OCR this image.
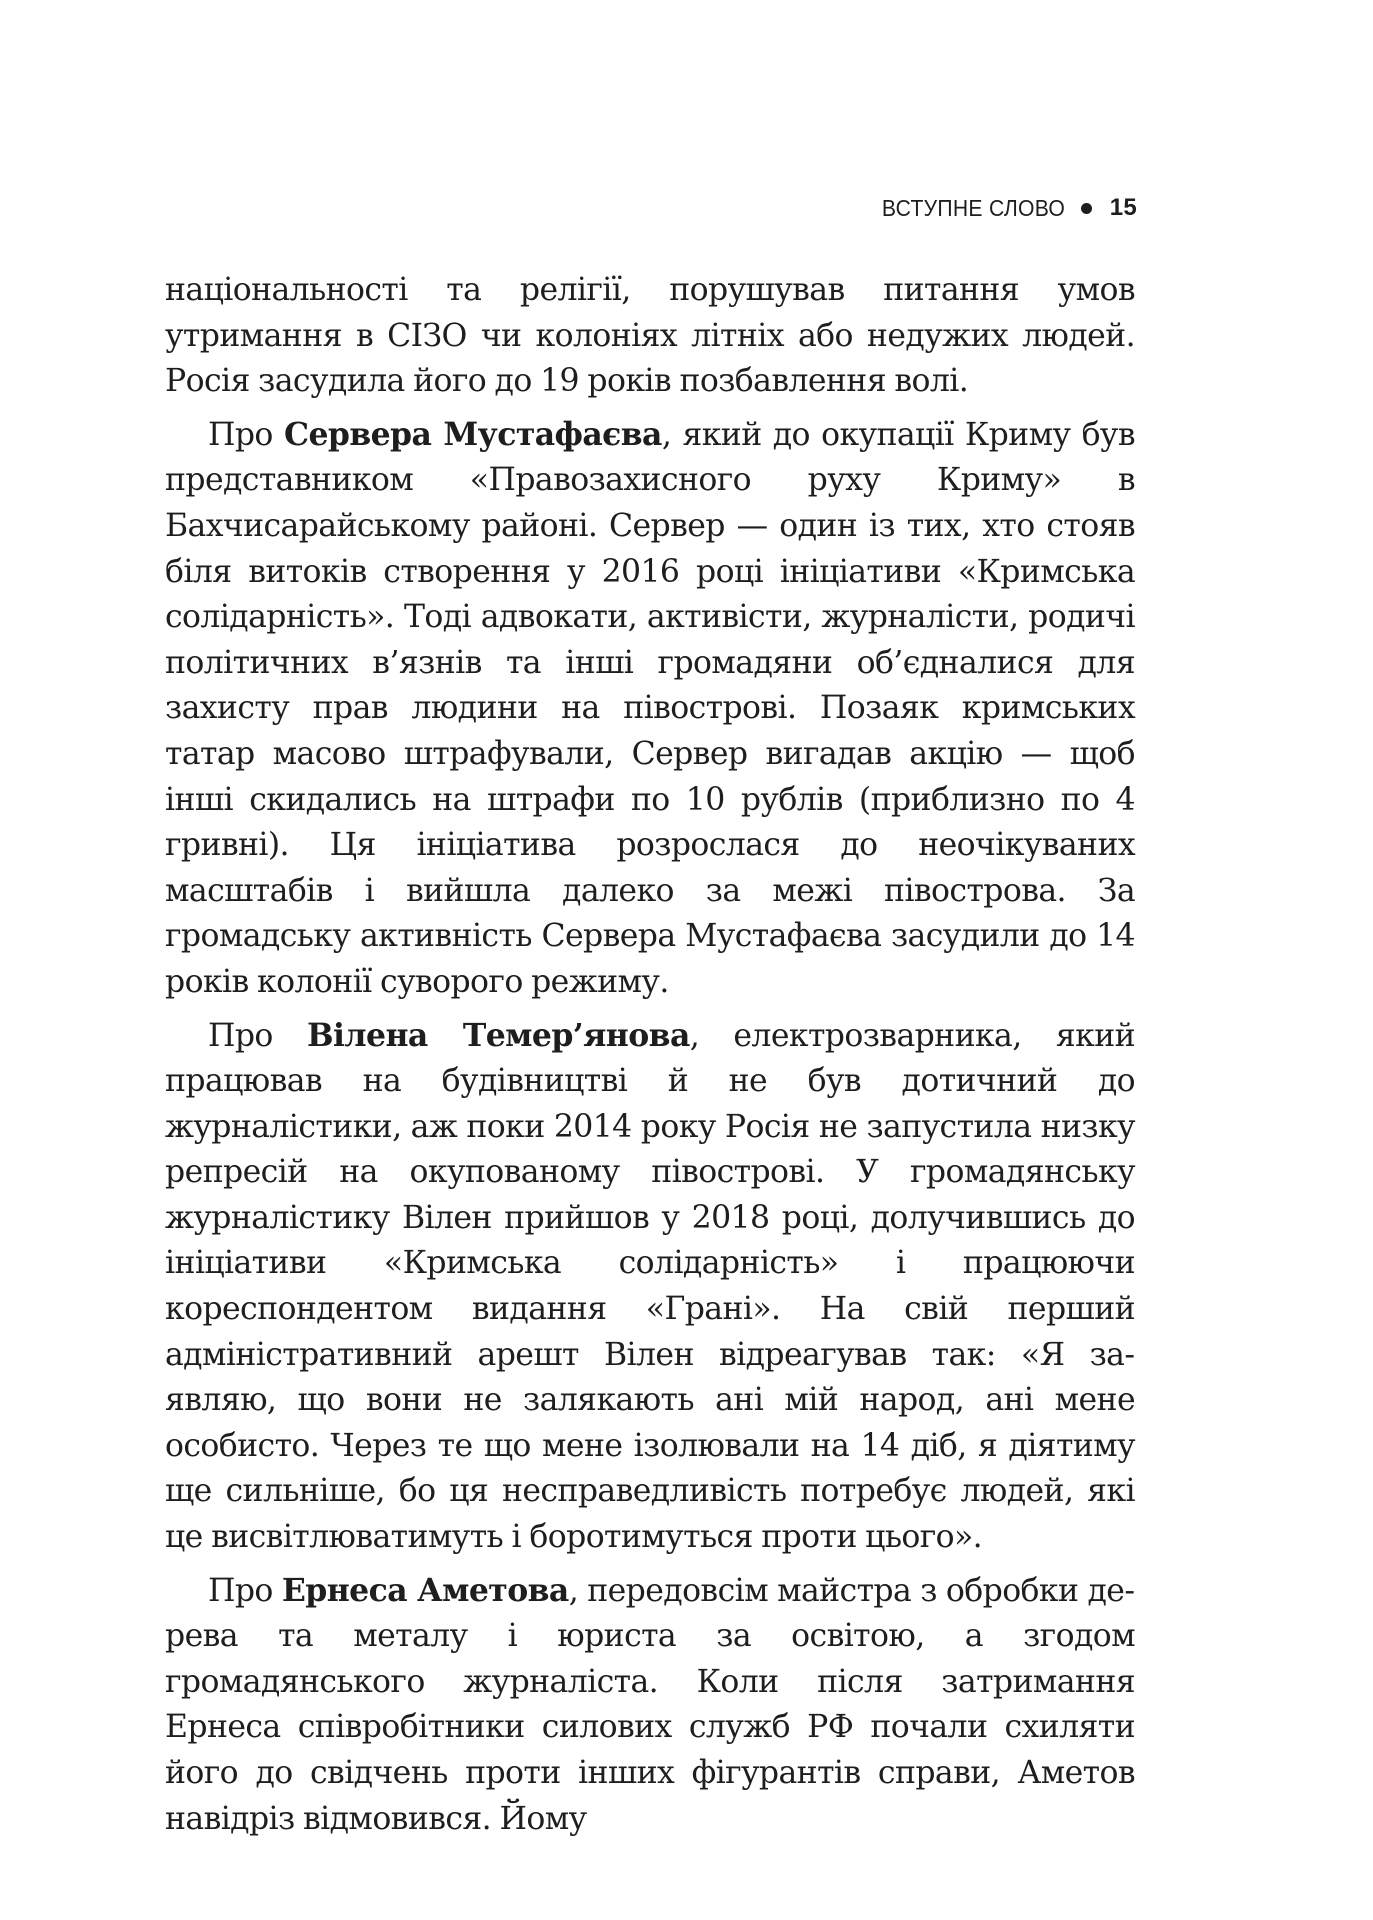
ВСТУПНЕ СЛОВО 15

національності та релігії, порушував питання умов утримання в СІЗО чи колоніях літніх або недужих людей. Росія засудила його до 19 років позбавлення волі.

Про Сервера Мустафаєва, який до окупації Криму був представником «Правозахисного руху Криму» в Бахчисарайському районі. Сервер — один із тих, хто стояв біля витоків створення у 2016 році ініціативи «Кримська солідарність». Тоді адвокати, активісти, журналісти, родичі політичних в’язнів та інші громадяни об’єдналися для захисту прав людини на півострові. Позаяк кримських татар масово штрафували, Сервер вигадав акцію — щоб інші скидались на штрафи по 10 рублів (приблизно по 4 гривні). Ця ініціатива розрослася до неочікуваних масштабів і вийшла далеко за межі півострова. За громадську активність Сервера Мустафаєва засудили до 14 років колонії суворого режиму.

Про Вілена Темер’янова, електрозварника, який працював на будівництві й не був дотичний до журналістики, аж поки 2014 року Росія не запустила низку репресій на окупованому півострові. У громадянську журналістику Вілен прийшов у 2018 році, долучившись до ініціативи «Кримська солідарність» і працюючи кореспондентом видання «Грані». На свій перший адміністративний арешт Вілен відреагував так: «Я заявляю, що вони не залякають ані мій народ, ані мене особисто. Через те що мене ізолювали на 14 діб, я діятиму ще сильніше, бо ця несправедливість потребує людей, які це висвітлюватимуть і боротимуться проти цього».

Про Ернеса Аметова, передовсім майстра з обробки дерева та металу і юриста за освітою, а згодом громадянського журналіста. Коли після затримання Ернеса співробітники силових служб РФ почали схиляти його до свідчень проти інших фігурантів справи, Аметов навідріз відмовився. Йому
